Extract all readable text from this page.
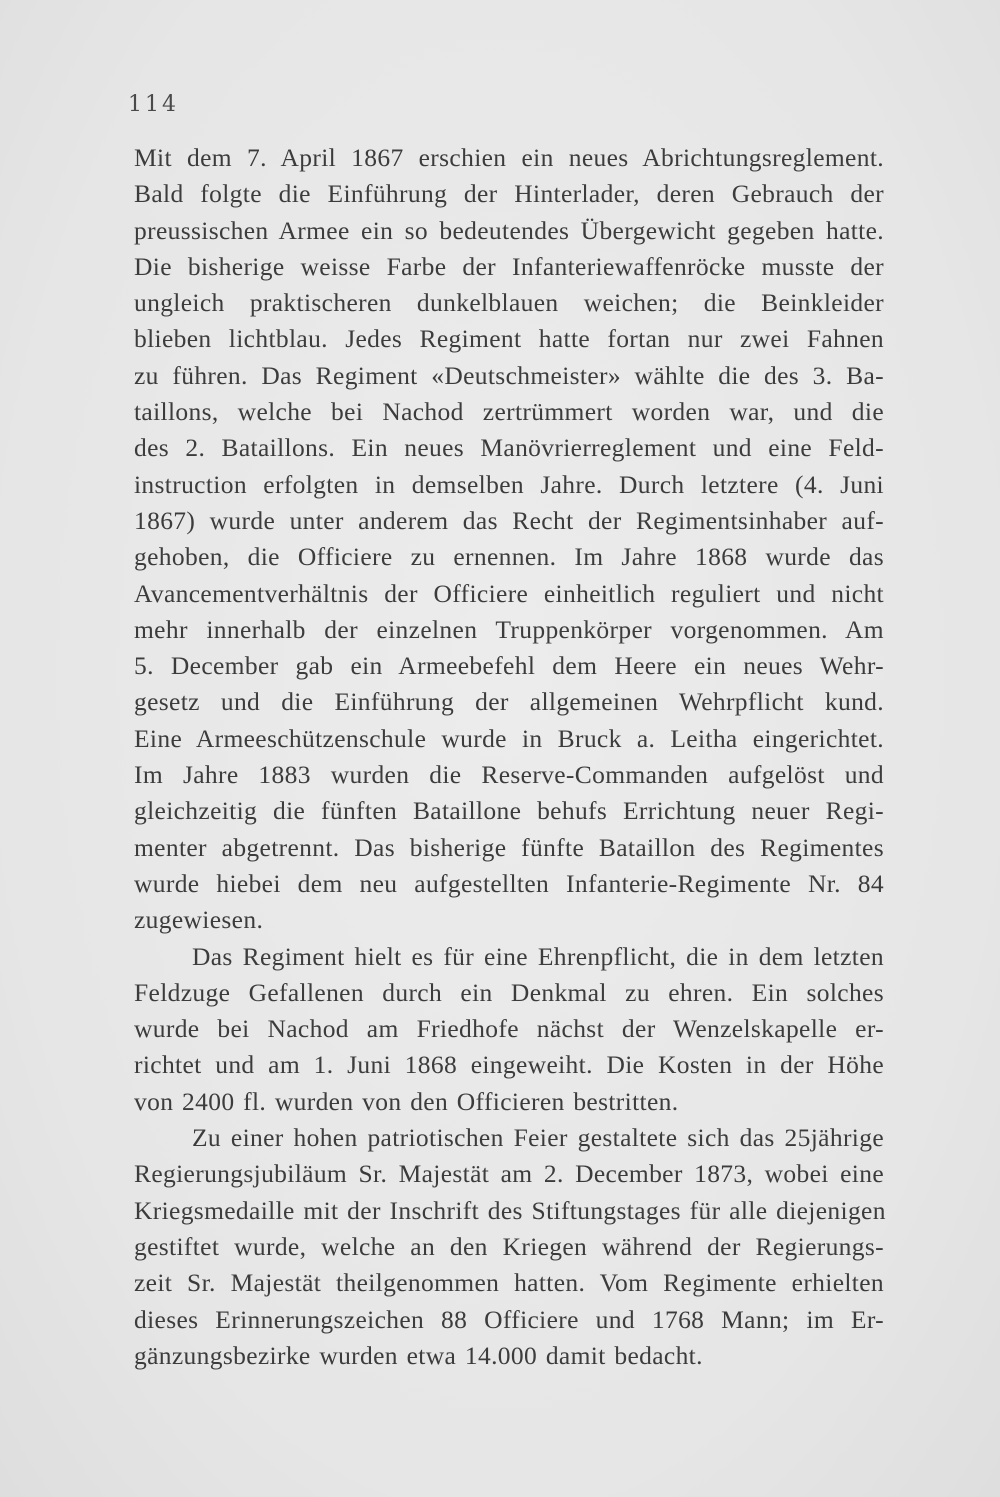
114
Mit dem 7. April 1867 erschien ein neues Abrichtungsreglement.
Bald folgte die Einführung der Hinterlader, deren Gebrauch der
preussischen Armee ein so bedeutendes Übergewicht gegeben hatte.
Die bisherige weisse Farbe der Infanteriewaffenröcke musste der
ungleich praktischeren dunkelblauen weichen; die Beinkleider
blieben lichtblau. Jedes Regiment hatte fortan nur zwei Fahnen
zu führen. Das Regiment «Deutschmeister» wählte die des 3. Ba-
taillons, welche bei Nachod zertrümmert worden war, und die
des 2. Bataillons. Ein neues Manövrierreglement und eine Feld-
instruction erfolgten in demselben Jahre. Durch letztere (4. Juni
1867) wurde unter anderem das Recht der Regimentsinhaber auf-
gehoben, die Officiere zu ernennen. Im Jahre 1868 wurde das
Avancementverhältnis der Officiere einheitlich reguliert und nicht
mehr innerhalb der einzelnen Truppenkörper vorgenommen. Am
5. December gab ein Armeebefehl dem Heere ein neues Wehr-
gesetz und die Einführung der allgemeinen Wehrpflicht kund.
Eine Armeeschützenschule wurde in Bruck a. Leitha eingerichtet.
Im Jahre 1883 wurden die Reserve-Commanden aufgelöst und
gleichzeitig die fünften Bataillone behufs Errichtung neuer Regi-
menter abgetrennt. Das bisherige fünfte Bataillon des Regimentes
wurde hiebei dem neu aufgestellten Infanterie-Regimente Nr. 84
zugewiesen.
Das Regiment hielt es für eine Ehrenpflicht, die in dem letzten
Feldzuge Gefallenen durch ein Denkmal zu ehren. Ein solches
wurde bei Nachod am Friedhofe nächst der Wenzelskapelle er-
richtet und am 1. Juni 1868 eingeweiht. Die Kosten in der Höhe
von 2400 fl. wurden von den Officieren bestritten.
Zu einer hohen patriotischen Feier gestaltete sich das 25jährige
Regierungsjubiläum Sr. Majestät am 2. December 1873, wobei eine
Kriegsmedaille mit der Inschrift des Stiftungstages für alle diejenigen
gestiftet wurde, welche an den Kriegen während der Regierungs-
zeit Sr. Majestät theilgenommen hatten. Vom Regimente erhielten
dieses Erinnerungszeichen 88 Officiere und 1768 Mann; im Er-
gänzungsbezirke wurden etwa 14.000 damit bedacht.
